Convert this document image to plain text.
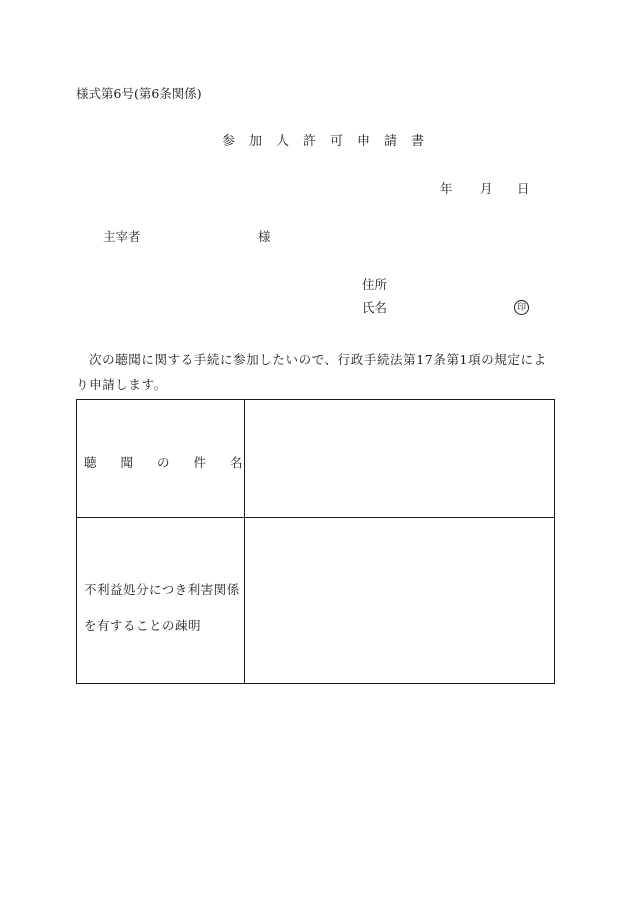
様式第6号(第6条関係)
参加人許可申請書
年 月 日
主宰者	様
住所
氏名	印
次の聴聞に関する手続に参加したいので、行政手続法第17条第1項の規定により申請します。
聴聞の件名
不利益処分につき利害関係
を有することの疎明
